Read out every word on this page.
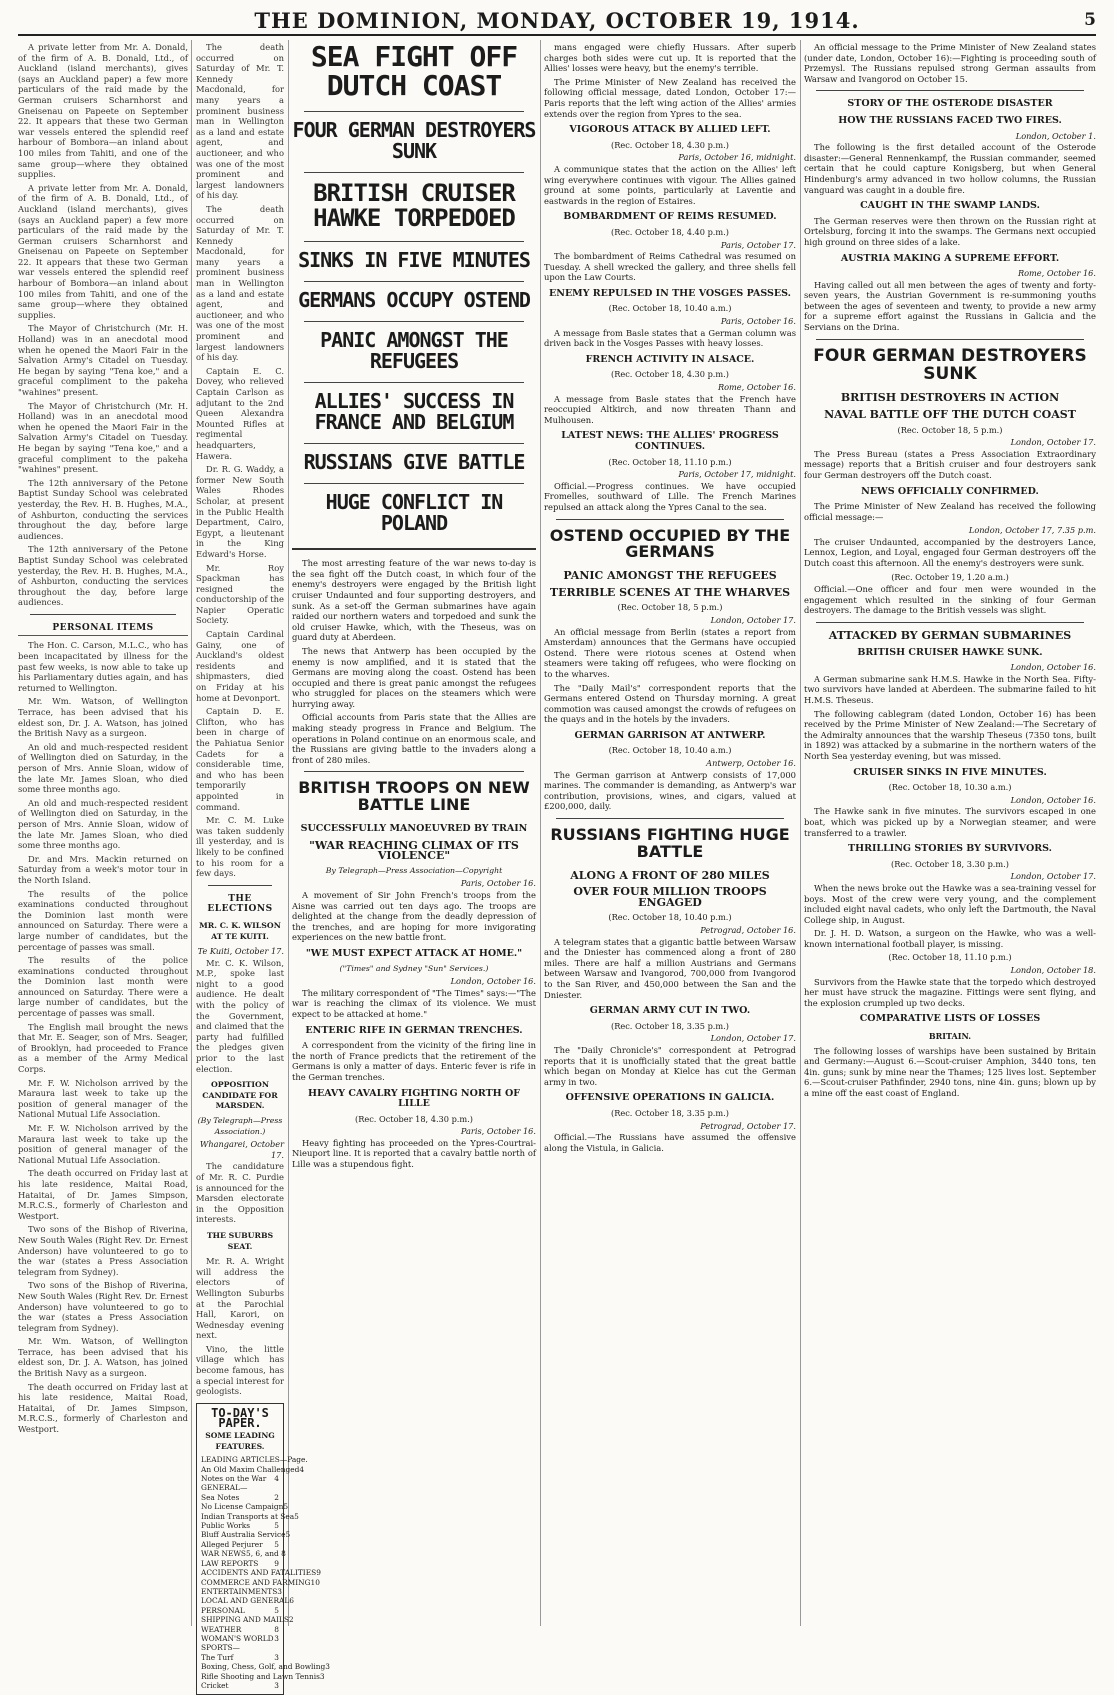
THE DOMINION, MONDAY, OCTOBER 19, 1914.	5

A private letter from Mr. A. Donald, of the firm of A. B. Donald, Ltd., of Auckland (island merchants), gives (says an Auckland paper) a few more particulars of the raid made by the German cruisers Scharnhorst and Gneisenau on Papeete on September 22. It appears that these two German war vessels entered the splendid reef harbour of Bombora—an inland about 100 miles from Tahiti, and one of the same group—where they obtained supplies.

A private letter from Mr. A. Donald, of the firm of A. B. Donald, Ltd., of Auckland (island merchants), gives (says an Auckland paper) a few more particulars of the raid made by the German cruisers Scharnhorst and Gneisenau on Papeete on September 22. It appears that these two German war vessels entered the splendid reef harbour of Bombora—an inland about 100 miles from Tahiti, and one of the same group—where they obtained supplies.

The Mayor of Christchurch (Mr. H. Holland) was in an anecdotal mood when he opened the Maori Fair in the Salvation Army's Citadel on Tuesday. He began by saying "Tena koe," and a graceful compliment to the pakeha "wahines" present.

The Mayor of Christchurch (Mr. H. Holland) was in an anecdotal mood when he opened the Maori Fair in the Salvation Army's Citadel on Tuesday. He began by saying "Tena koe," and a graceful compliment to the pakeha "wahines" present.

The 12th anniversary of the Petone Baptist Sunday School was celebrated yesterday, the Rev. H. B. Hughes, M.A., of Ashburton, conducting the services throughout the day, before large audiences.

The 12th anniversary of the Petone Baptist Sunday School was celebrated yesterday, the Rev. H. B. Hughes, M.A., of Ashburton, conducting the services throughout the day, before large audiences.

PERSONAL ITEMS

The Hon. C. Carson, M.L.C., who has been incapacitated by illness for the past few weeks, is now able to take up his Parliamentary duties again, and has returned to Wellington.

Mr. Wm. Watson, of Wellington Terrace, has been advised that his eldest son, Dr. J. A. Watson, has joined the British Navy as a surgeon.

An old and much-respected resident of Wellington died on Saturday, in the person of Mrs. Annie Sloan, widow of the late Mr. James Sloan, who died some three months ago.

An old and much-respected resident of Wellington died on Saturday, in the person of Mrs. Annie Sloan, widow of the late Mr. James Sloan, who died some three months ago.

Dr. and Mrs. Mackin returned on Saturday from a week's motor tour in the North Island.

The results of the police examinations conducted throughout the Dominion last month were announced on Saturday. There were a large number of candidates, but the percentage of passes was small.

The results of the police examinations conducted throughout the Dominion last month were announced on Saturday. There were a large number of candidates, but the percentage of passes was small.

The English mail brought the news that Mr. E. Seager, son of Mrs. Seager, of Brooklyn, had proceeded to France as a member of the Army Medical Corps.

Mr. F. W. Nicholson arrived by the Maraura last week to take up the position of general manager of the National Mutual Life Association.

Mr. F. W. Nicholson arrived by the Maraura last week to take up the position of general manager of the National Mutual Life Association.

The death occurred on Friday last at his late residence, Maitai Road, Hataitai, of Dr. James Simpson, M.R.C.S., formerly of Charleston and Westport.

Two sons of the Bishop of Riverina, New South Wales (Right Rev. Dr. Ernest Anderson) have volunteered to go to the war (states a Press Association telegram from Sydney).

Two sons of the Bishop of Riverina, New South Wales (Right Rev. Dr. Ernest Anderson) have volunteered to go to the war (states a Press Association telegram from Sydney).

Mr. Wm. Watson, of Wellington Terrace, has been advised that his eldest son, Dr. J. A. Watson, has joined the British Navy as a surgeon.

The death occurred on Friday last at his late residence, Maitai Road, Hataitai, of Dr. James Simpson, M.R.C.S., formerly of Charleston and Westport.

The death occurred on Saturday of Mr. T. Kennedy Macdonald, for many years a prominent business man in Wellington as a land and estate agent, and auctioneer, and who was one of the most prominent and largest landowners of his day.

The death occurred on Saturday of Mr. T. Kennedy Macdonald, for many years a prominent business man in Wellington as a land and estate agent, and auctioneer, and who was one of the most prominent and largest landowners of his day.

Captain E. C. Dovey, who relieved Captain Carlson as adjutant to the 2nd Queen Alexandra Mounted Rifles at regimental headquarters, Hawera.

Dr. R. G. Waddy, a former New South Wales Rhodes Scholar, at present in the Public Health Department, Cairo, Egypt, a lieutenant in the King Edward's Horse.

Mr. Roy Spackman has resigned the conductorship of the Napier Operatic Society.

Captain Cardinal Gainy, one of Auckland's oldest residents and shipmasters, died on Friday at his home at Devonport.

Captain D. E. Clifton, who has been in charge of the Pahiatua Senior Cadets for a considerable time, and who has been temporarily appointed in command.

Mr. C. M. Luke was taken suddenly ill yesterday, and is likely to be confined to his room for a few days.

THE ELECTIONS
MR. C. K. WILSON AT TE KUITI.
Te Kuiti, October 17.

Mr. C. K. Wilson, M.P., spoke last night to a good audience. He dealt with the policy of the Government, and claimed that the party had fulfilled the pledges given prior to the last election.

OPPOSITION CANDIDATE FOR MARSDEN.
(By Telegraph—Press Association.)
Whangarei, October 17.

The candidature of Mr. R. C. Purdie is announced for the Marsden electorate in the Opposition interests.

THE SUBURBS SEAT.

Mr. R. A. Wright will address the electors of Wellington Suburbs at the Parochial Hall, Karori, on Wednesday evening next.

Vino, the little village which has become famous, has a special interest for geologists.

TO-DAY'S PAPER.
SOME LEADING FEATURES.
LEADING ARTICLES— Page.
An Old Maxim Challenged 4
Notes on the War 4
GENERAL—
Sea Notes	2
No License Campaign 5
Indian Transports at Sea 5
Public Works	5
Bluff Australia Service 5
Alleged Perjurer 5
WAR NEWS 5, 6, and 8
LAW REPORTS 9
ACCIDENTS AND FATALITIES 9
COMMERCE AND FARMING 10
ENTERTAINMENTS 3
LOCAL AND GENERAL 6
PERSONAL	5
SHIPPING AND MAILS 2
WEATHER	8
WOMAN'S WORLD 3
SPORTS—
The Turf	3
Boxing, Chess, Golf, and Bowling 3
Rifle Shooting and Lawn Tennis 3
Cricket	3
SEA FIGHT OFF DUTCH COAST
FOUR GERMAN DESTROYERS SUNK
BRITISH CRUISER HAWKE TORPEDOED
SINKS IN FIVE MINUTES
GERMANS OCCUPY OSTEND
PANIC AMONGST THE REFUGEES
ALLIES' SUCCESS IN FRANCE AND BELGIUM
RUSSIANS GIVE BATTLE
HUGE CONFLICT IN POLAND

The most arresting feature of the war news to-day is the sea fight off the Dutch coast, in which four of the enemy's destroyers were engaged by the British light cruiser Undaunted and four supporting destroyers, and sunk. As a set-off the German submarines have again raided our northern waters and torpedoed and sunk the old cruiser Hawke, which, with the Theseus, was on guard duty at Aberdeen.

The news that Antwerp has been occupied by the enemy is now amplified, and it is stated that the Germans are moving along the coast. Ostend has been occupied and there is great panic amongst the refugees who struggled for places on the steamers which were hurrying away.

Official accounts from Paris state that the Allies are making steady progress in France and Belgium. The operations in Poland continue on an enormous scale, and the Russians are giving battle to the invaders along a front of 280 miles.

BRITISH TROOPS ON NEW BATTLE LINE
SUCCESSFULLY MANOEUVRED BY TRAIN
"WAR REACHING CLIMAX OF ITS VIOLENCE"
By Telegraph—Press Association—Copyright
Paris, October 16.

A movement of Sir John French's troops from the Aisne was carried out ten days ago. The troops are delighted at the change from the deadly depression of the trenches, and are hoping for more invigorating experiences on the new battle front.

"WE MUST EXPECT ATTACK AT HOME."
("Times" and Sydney "Sun" Services.)
London, October 16.

The military correspondent of "The Times" says:—"The war is reaching the climax of its violence. We must expect to be attacked at home."

ENTERIC RIFE IN GERMAN TRENCHES.

A correspondent from the vicinity of the firing line in the north of France predicts that the retirement of the Germans is only a matter of days. Enteric fever is rife in the German trenches.

HEAVY CAVALRY FIGHTING NORTH OF LILLE
(Rec. October 18, 4.30 p.m.)
Paris, October 16.

Heavy fighting has proceeded on the Ypres-Courtrai-Nieuport line. It is reported that a cavalry battle north of Lille was a stupendous fight.

mans engaged were chiefly Hussars. After superb charges both sides were cut up. It is reported that the Allies' losses were heavy, but the enemy's terrible.

The Prime Minister of New Zealand has received the following official message, dated London, October 17:—Paris reports that the left wing action of the Allies' armies extends over the region from Ypres to the sea.

VIGOROUS ATTACK BY ALLIED LEFT.
(Rec. October 18, 4.30 p.m.)
Paris, October 16, midnight.

A communique states that the action on the Allies' left wing everywhere continues with vigour. The Allies gained ground at some points, particularly at Laventie and eastwards in the region of Estaires.

BOMBARDMENT OF REIMS RESUMED.
(Rec. October 18, 4.40 p.m.)
Paris, October 17.

The bombardment of Reims Cathedral was resumed on Tuesday. A shell wrecked the gallery, and three shells fell upon the Law Courts.

ENEMY REPULSED IN THE VOSGES PASSES.
(Rec. October 18, 10.40 a.m.)
Paris, October 16.

A message from Basle states that a German column was driven back in the Vosges Passes with heavy losses.

FRENCH ACTIVITY IN ALSACE.
(Rec. October 18, 4.30 p.m.)
Rome, October 16.

A message from Basle states that the French have reoccupied Altkirch, and now threaten Thann and Mulhousen.

LATEST NEWS: THE ALLIES' PROGRESS CONTINUES.
(Rec. October 18, 11.10 p.m.)
Paris, October 17, midnight.

Official.—Progress continues. We have occupied Fromelles, southward of Lille. The French Marines repulsed an attack along the Ypres Canal to the sea.

OSTEND OCCUPIED BY THE GERMANS
PANIC AMONGST THE REFUGEES
TERRIBLE SCENES AT THE WHARVES
(Rec. October 18, 5 p.m.)
London, October 17.

An official message from Berlin (states a report from Amsterdam) announces that the Germans have occupied Ostend. There were riotous scenes at Ostend when steamers were taking off refugees, who were flocking on to the wharves.

The "Daily Mail's" correspondent reports that the Germans entered Ostend on Thursday morning. A great commotion was caused amongst the crowds of refugees on the quays and in the hotels by the invaders.

GERMAN GARRISON AT ANTWERP.
(Rec. October 18, 10.40 a.m.)
Antwerp, October 16.

The German garrison at Antwerp consists of 17,000 marines. The commander is demanding, as Antwerp's war contribution, provisions, wines, and cigars, valued at £200,000, daily.

RUSSIANS FIGHTING HUGE BATTLE
ALONG A FRONT OF 280 MILES
OVER FOUR MILLION TROOPS ENGAGED
(Rec. October 18, 10.40 p.m.)
Petrograd, October 16.

A telegram states that a gigantic battle between Warsaw and the Dniester has commenced along a front of 280 miles. There are half a million Austrians and Germans between Warsaw and Ivangorod, 700,000 from Ivangorod to the San River, and 450,000 between the San and the Dniester.

GERMAN ARMY CUT IN TWO.
(Rec. October 18, 3.35 p.m.)
London, October 17.

The "Daily Chronicle's" correspondent at Petrograd reports that it is unofficially stated that the great battle which began on Monday at Kielce has cut the German army in two.

OFFENSIVE OPERATIONS IN GALICIA.
(Rec. October 18, 3.35 p.m.)
Petrograd, October 17.

Official.—The Russians have assumed the offensive along the Vistula, in Galicia.

An official message to the Prime Minister of New Zealand states (under date, London, October 16):—Fighting is proceeding south of Przemysl. The Russians repulsed strong German assaults from Warsaw and Ivangorod on October 15.

STORY OF THE OSTERODE DISASTER
HOW THE RUSSIANS FACED TWO FIRES.
London, October 1.

The following is the first detailed account of the Osterode disaster:—General Rennenkampf, the Russian commander, seemed certain that he could capture Konigsberg, but when General Hindenburg's army advanced in two hollow columns, the Russian vanguard was caught in a double fire.

CAUGHT IN THE SWAMP LANDS.

The German reserves were then thrown on the Russian right at Ortelsburg, forcing it into the swamps. The Germans next occupied high ground on three sides of a lake.

AUSTRIA MAKING A SUPREME EFFORT.
Rome, October 16.

Having called out all men between the ages of twenty and forty-seven years, the Austrian Government is re-summoning youths between the ages of seventeen and twenty, to provide a new army for a supreme effort against the Russians in Galicia and the Servians on the Drina.

FOUR GERMAN DESTROYERS SUNK
BRITISH DESTROYERS IN ACTION
NAVAL BATTLE OFF THE DUTCH COAST
(Rec. October 18, 5 p.m.)
London, October 17.

The Press Bureau (states a Press Association Extraordinary message) reports that a British cruiser and four destroyers sank four German destroyers off the Dutch coast.

NEWS OFFICIALLY CONFIRMED.

The Prime Minister of New Zealand has received the following official message:—

London, October 17, 7.35 p.m.

The cruiser Undaunted, accompanied by the destroyers Lance, Lennox, Legion, and Loyal, engaged four German destroyers off the Dutch coast this afternoon. All the enemy's destroyers were sunk.

(Rec. October 19, 1.20 a.m.)

Official.—One officer and four men were wounded in the engagement which resulted in the sinking of four German destroyers. The damage to the British vessels was slight.

ATTACKED BY GERMAN SUBMARINES
BRITISH CRUISER HAWKE SUNK.
London, October 16.

A German submarine sank H.M.S. Hawke in the North Sea. Fifty-two survivors have landed at Aberdeen. The submarine failed to hit H.M.S. Theseus.

The following cablegram (dated London, October 16) has been received by the Prime Minister of New Zealand:—The Secretary of the Admiralty announces that the warship Theseus (7350 tons, built in 1892) was attacked by a submarine in the northern waters of the North Sea yesterday evening, but was missed.

CRUISER SINKS IN FIVE MINUTES.
(Rec. October 18, 10.30 a.m.)
London, October 16.

The Hawke sank in five minutes. The survivors escaped in one boat, which was picked up by a Norwegian steamer, and were transferred to a trawler.

THRILLING STORIES BY SURVIVORS.
(Rec. October 18, 3.30 p.m.)
London, October 17.

When the news broke out the Hawke was a sea-training vessel for boys. Most of the crew were very young, and the complement included eight naval cadets, who only left the Dartmouth, the Naval College ship, in August.

Dr. J. H. D. Watson, a surgeon on the Hawke, who was a well-known international football player, is missing.

(Rec. October 18, 11.10 p.m.)
London, October 18.

Survivors from the Hawke state that the torpedo which destroyed her must have struck the magazine. Fittings were sent flying, and the explosion crumpled up two decks.

COMPARATIVE LISTS OF LOSSES
BRITAIN.

The following losses of warships have been sustained by Britain and Germany:—August 6.—Scout-cruiser Amphion, 3440 tons, ten 4in. guns; sunk by mine near the Thames; 125 lives lost. September 6.—Scout-cruiser Pathfinder, 2940 tons, nine 4in. guns; blown up by a mine off the east coast of England.
